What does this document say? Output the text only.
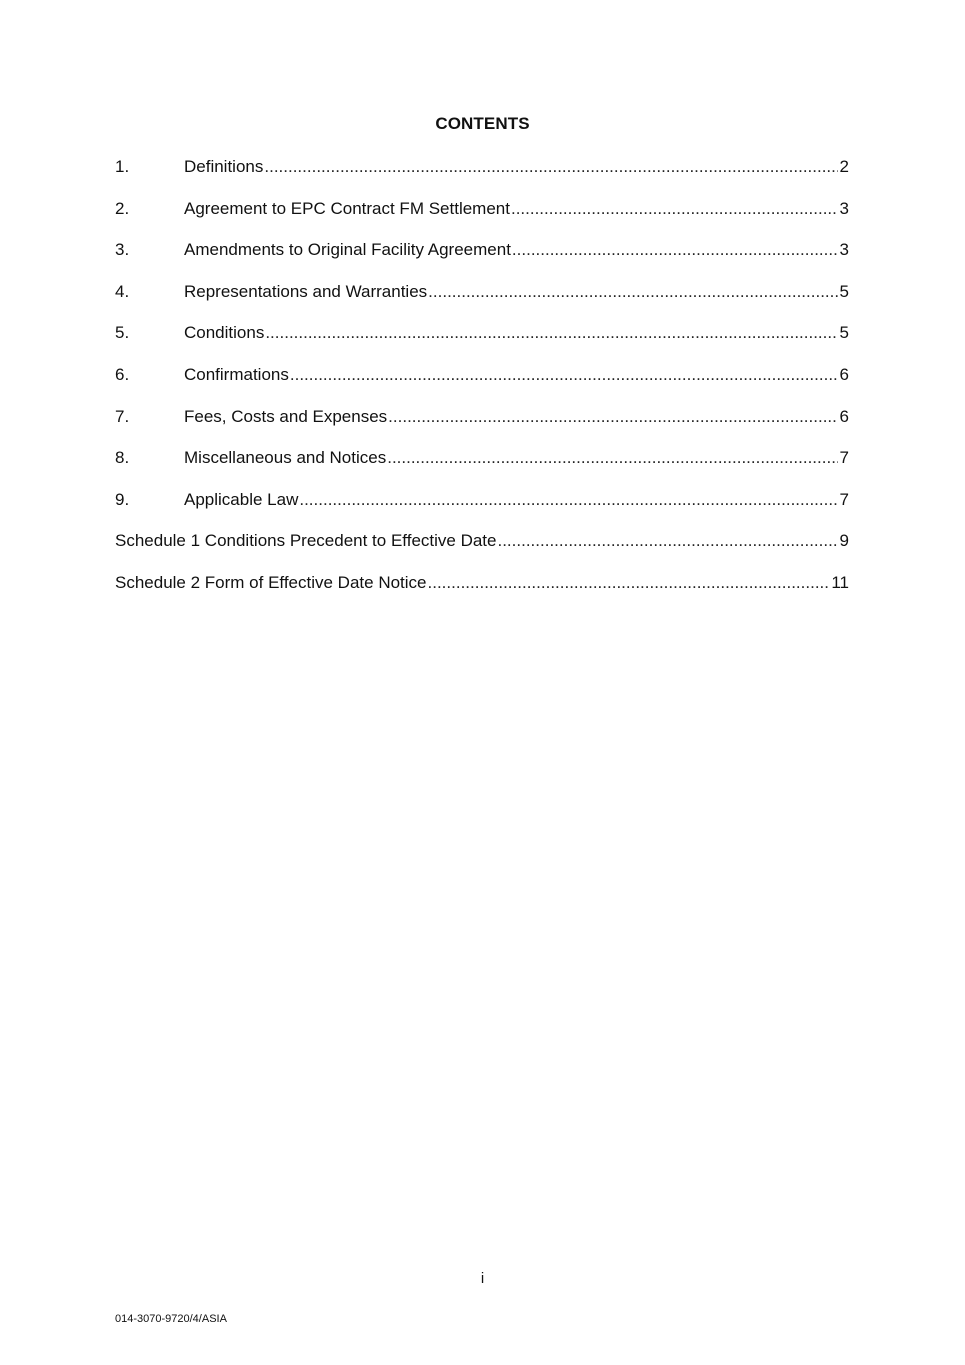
CONTENTS
1.	Definitions .....	2
2.	Agreement to EPC Contract FM Settlement .....	3
3.	Amendments to Original Facility Agreement .....	3
4.	Representations and Warranties .....	5
5.	Conditions .....	5
6.	Confirmations .....	6
7.	Fees, Costs and Expenses .....	6
8.	Miscellaneous and Notices .....	7
9.	Applicable Law .....	7
Schedule 1 Conditions Precedent to Effective Date .....	9
Schedule 2 Form of Effective Date Notice .....	11
i
014-3070-9720/4/ASIA
